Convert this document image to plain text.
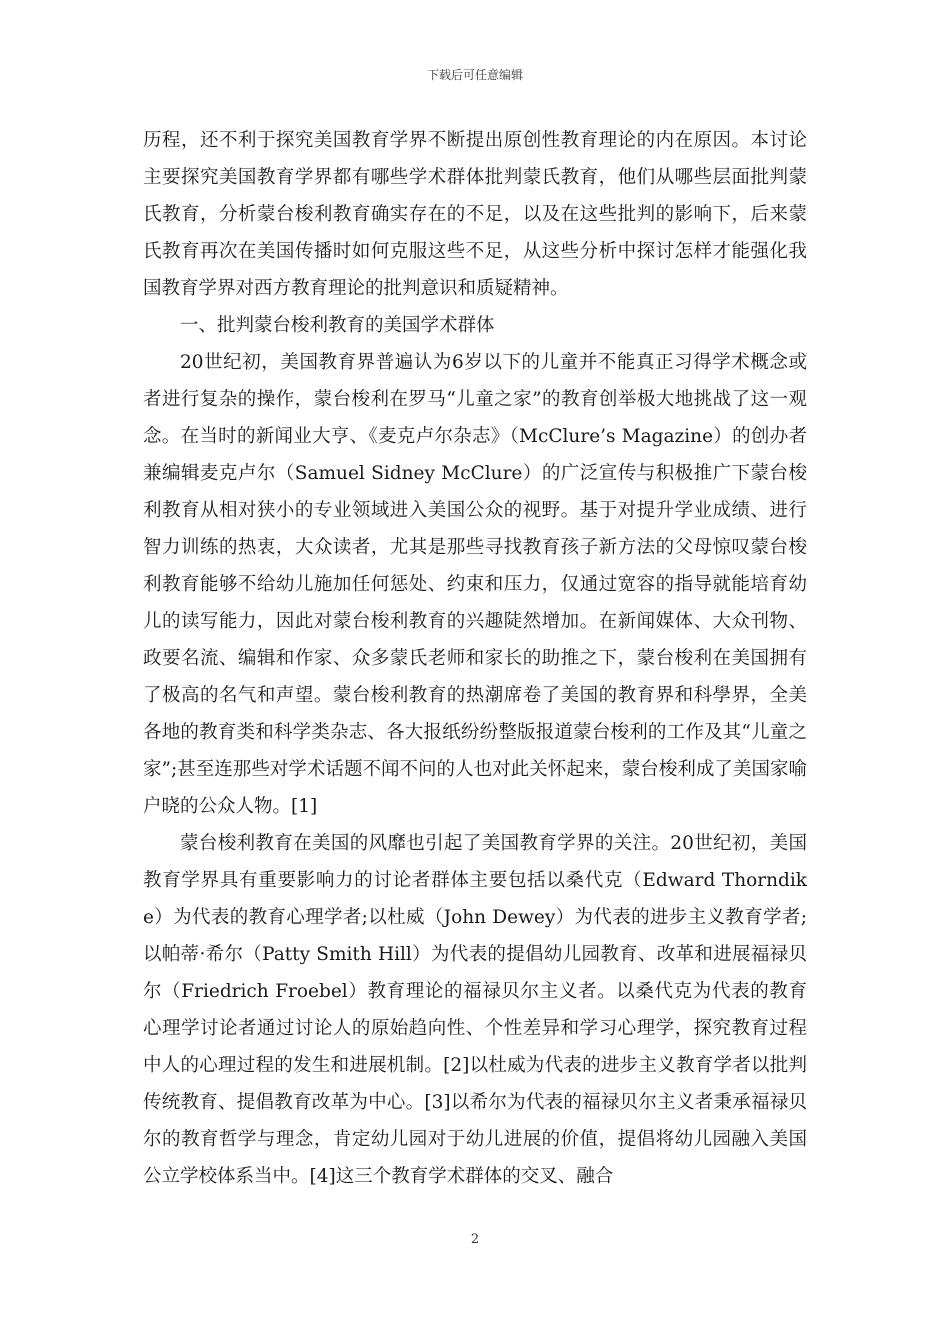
下载后可任意编辑

历程，还不利于探究美国教育学界不断提出原创性教育理论的内在原因。本讨论主要探究美国教育学界都有哪些学术群体批判蒙氏教育，他们从哪些层面批判蒙氏教育，分析蒙台梭利教育确实存在的不足，以及在这些批判的影响下，后来蒙氏教育再次在美国传播时如何克服这些不足，从这些分析中探讨怎样才能强化我国教育学界对西方教育理论的批判意识和质疑精神。

一、批判蒙台梭利教育的美国学术群体

20世纪初，美国教育界普遍认为6岁以下的儿童并不能真正习得学术概念或者进行复杂的操作，蒙台梭利在罗马“儿童之家”的教育创举极大地挑战了这一观念。在当时的新闻业大亨、《麦克卢尔杂志》（McClure’s Magazine）的创办者兼编辑麦克卢尔（Samuel Sidney McClure）的广泛宣传与积极推广下蒙台梭利教育从相对狭小的专业领域进入美国公众的视野。基于对提升学业成绩、进行智力训练的热衷，大众读者，尤其是那些寻找教育孩子新方法的父母惊叹蒙台梭利教育能够不给幼儿施加任何惩处、约束和压力，仅通过宽容的指导就能培育幼儿的读写能力，因此对蒙台梭利教育的兴趣陡然增加。在新闻媒体、大众刊物、政要名流、编辑和作家、众多蒙氏老师和家长的助推之下，蒙台梭利在美国拥有了极高的名气和声望。蒙台梭利教育的热潮席卷了美国的教育界和科學界，全美各地的教育类和科学类杂志、各大报纸纷纷整版报道蒙台梭利的工作及其“儿童之家”;甚至连那些对学术话题不闻不问的人也对此关怀起来，蒙台梭利成了美国家喻户晓的公众人物。[1]

蒙台梭利教育在美国的风靡也引起了美国教育学界的关注。20世纪初，美国教育学界具有重要影响力的讨论者群体主要包括以桑代克（Edward Thorndike）为代表的教育心理学者;以杜威（John Dewey）为代表的进步主义教育学者;以帕蒂·希尔（Patty Smith Hill）为代表的提倡幼儿园教育、改革和进展福禄贝尔（Friedrich Froebel）教育理论的福禄贝尔主义者。以桑代克为代表的教育心理学讨论者通过讨论人的原始趋向性、个性差异和学习心理学，探究教育过程中人的心理过程的发生和进展机制。[2]以杜威为代表的进步主义教育学者以批判传统教育、提倡教育改革为中心。[3]以希尔为代表的福禄贝尔主义者秉承福禄贝尔的教育哲学与理念，肯定幼儿园对于幼儿进展的价值，提倡将幼儿园融入美国公立学校体系当中。[4]这三个教育学术群体的交叉、融合

2
